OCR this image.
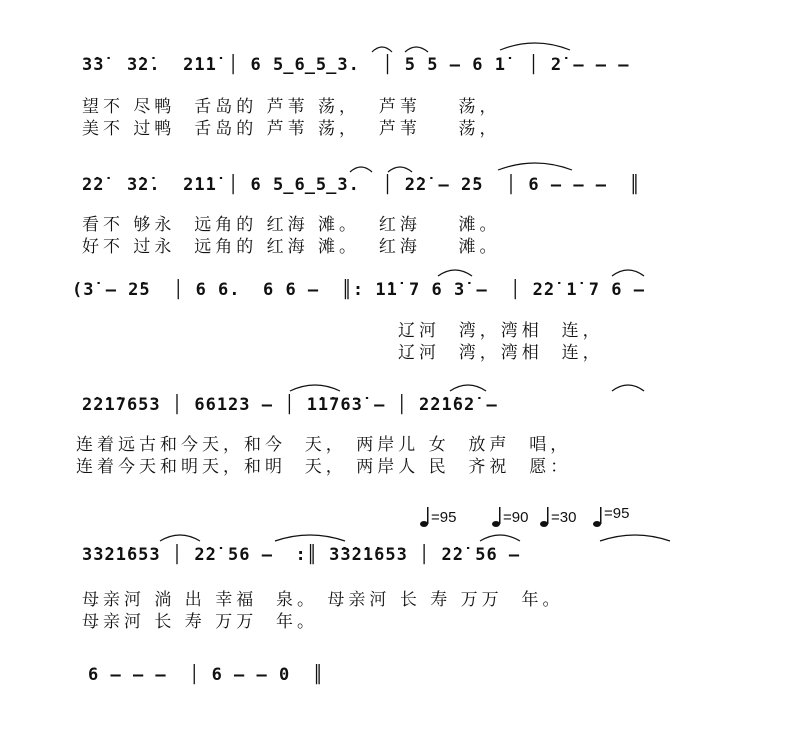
3̇3̇  3̇2̇.  2̇1̇1̇ │ 6 5̲6̲5̲3.  │ 5 5 – 6 1̇  │ 2̇ – – –
望不 尽鸭  舌岛的 芦苇 荡，  芦苇    荡，
美不 过鸭  舌岛的 芦苇 荡，  芦苇    荡，
2̇2̇  3̇2̇.  2̇1̇1̇ │ 6 5̲6̲5̲3.  │ 2̇2̇ – 2̇5  │ 6 – – –  ║
看不 够永  远角的 红海 滩。  红海    滩。
好不 过永  远角的 红海 滩。  红海    滩。
(3̇ – 2̇5  │ 6 6.  6 6 –  ║: 1̇1̇ 7 6 3̇ –  │ 2̇2̇ 1̇ 7 6 –
辽河  湾，湾相  连，
辽河  湾，湾相  连，
2̇2̇1̇7653 │ 66123 – │ 1̇1̇763̇ – │ 2̇2̇1̇62̇ –
连着远古和今天，和今  天， 两岸儿 女  放声  唱，
连着今天和明天，和明  天， 两岸人 民  齐祝  愿：
=95	=90 =30 =95
3̇3̇2̇1̇653 │ 2̇2̇ 56 –  :║ 3̇3̇2̇1̇653 │ 2̇2̇ 56 –
母亲河 淌 出 幸福  泉。 母亲河 长 寿 万万  年。
母亲河 长 寿 万万  年。
6 – – –  │ 6 – – 0  ║
